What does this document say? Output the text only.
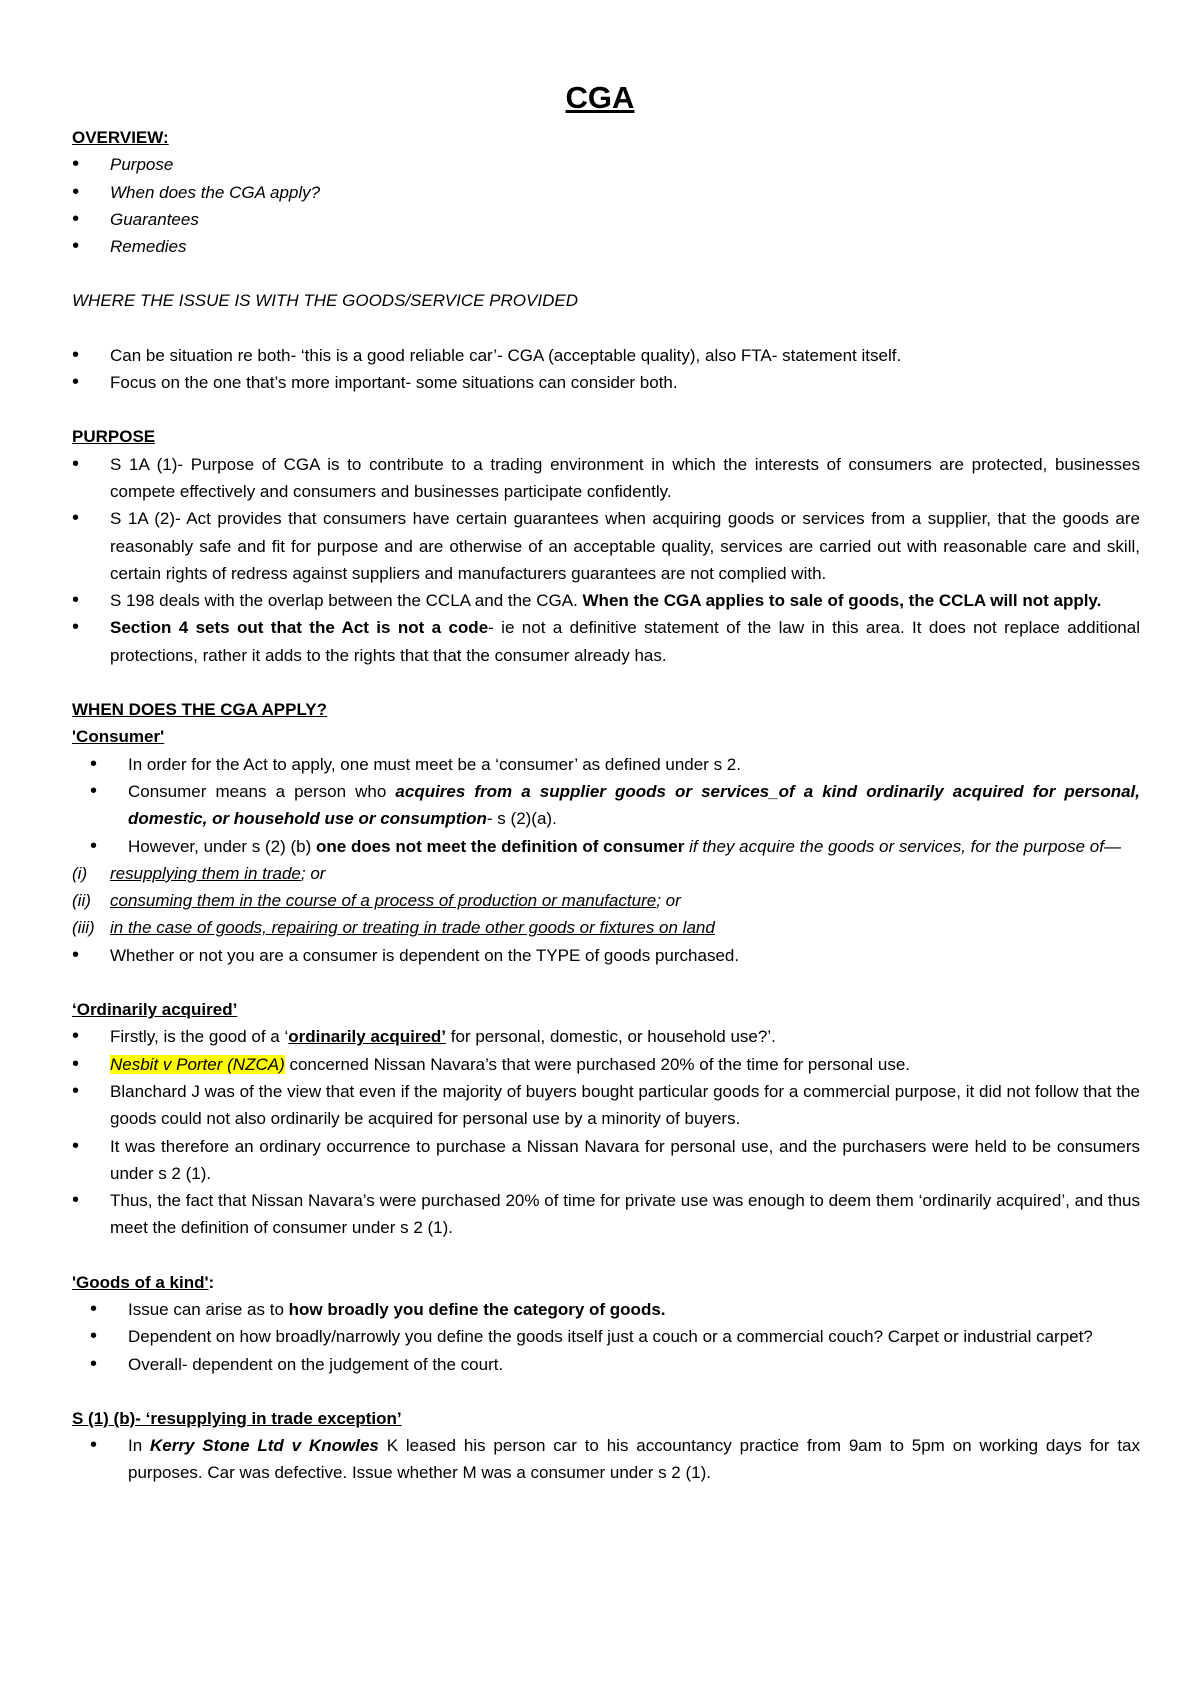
CGA
OVERVIEW:
• Purpose
• When does the CGA apply?
• Guarantees
• Remedies
WHERE THE ISSUE IS WITH THE GOODS/SERVICE PROVIDED
• Can be situation re both- ‘this is a good reliable car’- CGA (acceptable quality), also FTA- statement itself.
• Focus on the one that’s more important- some situations can consider both.
PURPOSE
• S 1A (1)- Purpose of CGA is to contribute to a trading environment in which the interests of consumers are protected, businesses compete effectively and consumers and businesses participate confidently.
• S 1A (2)- Act provides that consumers have certain guarantees when acquiring goods or services from a supplier, that the goods are reasonably safe and fit for purpose and are otherwise of an acceptable quality, services are carried out with reasonable care and skill, certain rights of redress against suppliers and manufacturers guarantees are not complied with.
• S 198 deals with the overlap between the CCLA and the CGA. When the CGA applies to sale of goods, the CCLA will not apply.
• Section 4 sets out that the Act is not a code- ie not a definitive statement of the law in this area. It does not replace additional protections, rather it adds to the rights that that the consumer already has.
WHEN DOES THE CGA APPLY?
'Consumer'
• In order for the Act to apply, one must meet be a ‘consumer’ as defined under s 2.
• Consumer means a person who acquires from a supplier goods or services_of a kind ordinarily acquired for personal, domestic, or household use or consumption- s (2)(a).
• However, under s (2) (b) one does not meet the definition of consumer if they acquire the goods or services, for the purpose of—
(i) resupplying them in trade; or
(ii) consuming them in the course of a process of production or manufacture; or
(iii) in the case of goods, repairing or treating in trade other goods or fixtures on land
• Whether or not you are a consumer is dependent on the TYPE of goods purchased.
‘Ordinarily acquired’
• Firstly, is the good of a ‘ordinarily acquired’ for personal, domestic, or household use?’.
• Nesbit v Porter (NZCA) concerned Nissan Navara’s that were purchased 20% of the time for personal use.
• Blanchard J was of the view that even if the majority of buyers bought particular goods for a commercial purpose, it did not follow that the goods could not also ordinarily be acquired for personal use by a minority of buyers.
• It was therefore an ordinary occurrence to purchase a Nissan Navara for personal use, and the purchasers were held to be consumers under s 2 (1).
• Thus, the fact that Nissan Navara’s were purchased 20% of time for private use was enough to deem them ‘ordinarily acquired’, and thus meet the definition of consumer under s 2 (1).
'Goods of a kind':
• Issue can arise as to how broadly you define the category of goods.
• Dependent on how broadly/narrowly you define the goods itself just a couch or a commercial couch? Carpet or industrial carpet?
• Overall- dependent on the judgement of the court.
S (1) (b)- ‘resupplying in trade exception’
• In Kerry Stone Ltd v Knowles K leased his person car to his accountancy practice from 9am to 5pm on working days for tax purposes. Car was defective. Issue whether M was a consumer under s 2 (1).
